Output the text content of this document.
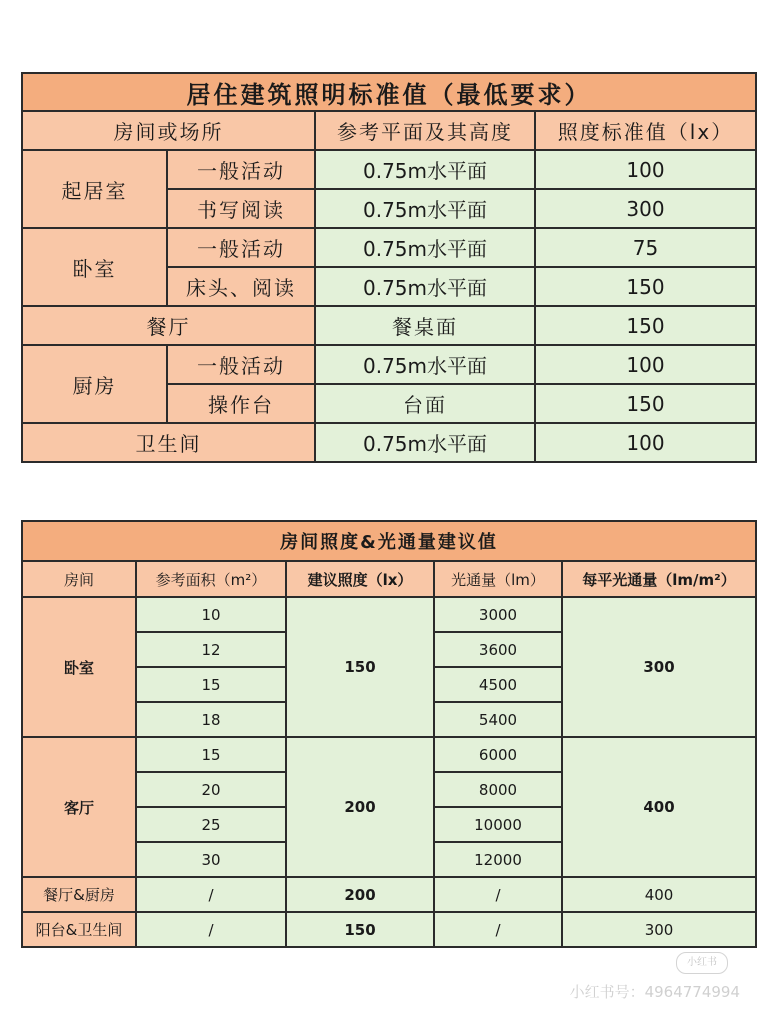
居住建筑照明标准值（最低要求）			
房间或场所		参考平面及其高度	照度标准值（lx）
起居室	一般活动	0.75m水平面	100
	书写阅读	0.75m水平面	300
卧室	一般活动	0.75m水平面	75
	床头、阅读	0.75m水平面	150
餐厅		餐桌面	150
厨房	一般活动	0.75m水平面	100
	操作台	台面	150
卫生间		0.75m水平面	100
房间照度&光通量建议值				
房间	参考面积（m²）	建议照度（lx）	光通量（lm）	每平光通量（lm/m²）
卧室	10	150	3000	300
	12		3600	
	15		4500	
	18		5400	
客厅	15	200	6000	400
	20		8000	
	25		10000	
	30		12000	
餐厅&厨房	/	200	/	400
阳台&卫生间	/	150	/	300
小红书
小红书号：4964774994
